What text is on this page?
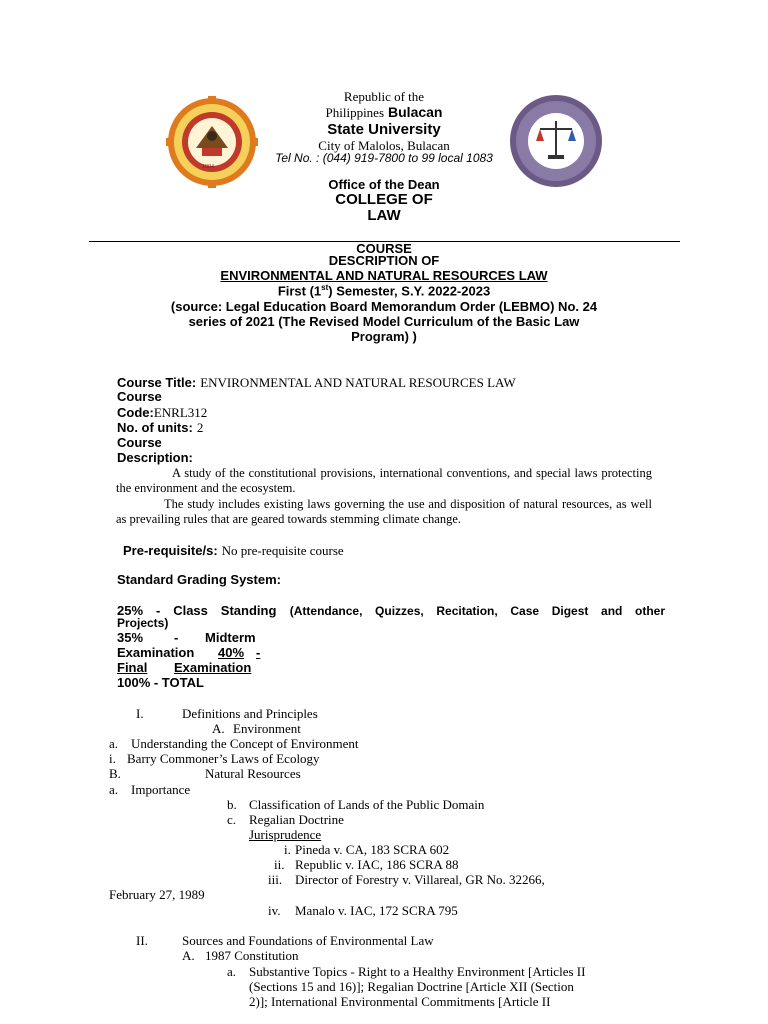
1904
Republic of the
Philippines Bulacan
State University
City of Malolos, Bulacan
Tel No. : (044) 919-7800 to 99 local 1083
Office of the Dean
COLLEGE OF
LAW
COURSE
DESCRIPTION OF
ENVIRONMENTAL AND NATURAL RESOURCES LAW
First (1st) Semester, S.Y. 2022-2023
(source: Legal Education Board Memorandum Order (LEBMO) No. 24
series of 2021 (The Revised Model Curriculum of the Basic Law
Program) )
Course Title: ENVIRONMENTAL AND NATURAL RESOURCES LAW
Course
Code:ENRL312
No. of units: 2
Course
Description:
A study of the constitutional provisions, international conventions, and special laws protecting the environment and the ecosystem.
The study includes existing laws governing the use and disposition of natural resources, as well as prevailing rules that are geared towards stemming climate change.
Pre-requisite/s: No pre-requisite course
Standard Grading System:
25% - Class Standing (Attendance, Quizzes, Recitation, Case Digest and other
Projects)
35% - Midterm
Examination 40% -
Final Examination
100% - TOTAL
I.	Definitions and Principles
A. Environment
a. Understanding the Concept of Environment
i. Barry Commoner’s Laws of Ecology
B.	Natural Resources
a. Importance
b. Classification of Lands of the Public Domain
c. Regalian Doctrine
Jurisprudence
i. Pineda v. CA, 183 SCRA 602
ii. Republic v. IAC, 186 SCRA 88
iii. Director of Forestry v. Villareal, GR No. 32266,
February 27, 1989
iv. Manalo v. IAC, 172 SCRA 795
II.	Sources and Foundations of Environmental Law
A. 1987 Constitution
a. Substantive Topics - Right to a Healthy Environment [Articles II
(Sections 15 and 16)]; Regalian Doctrine [Article XII (Section
2)]; International Environmental Commitments [Article II
